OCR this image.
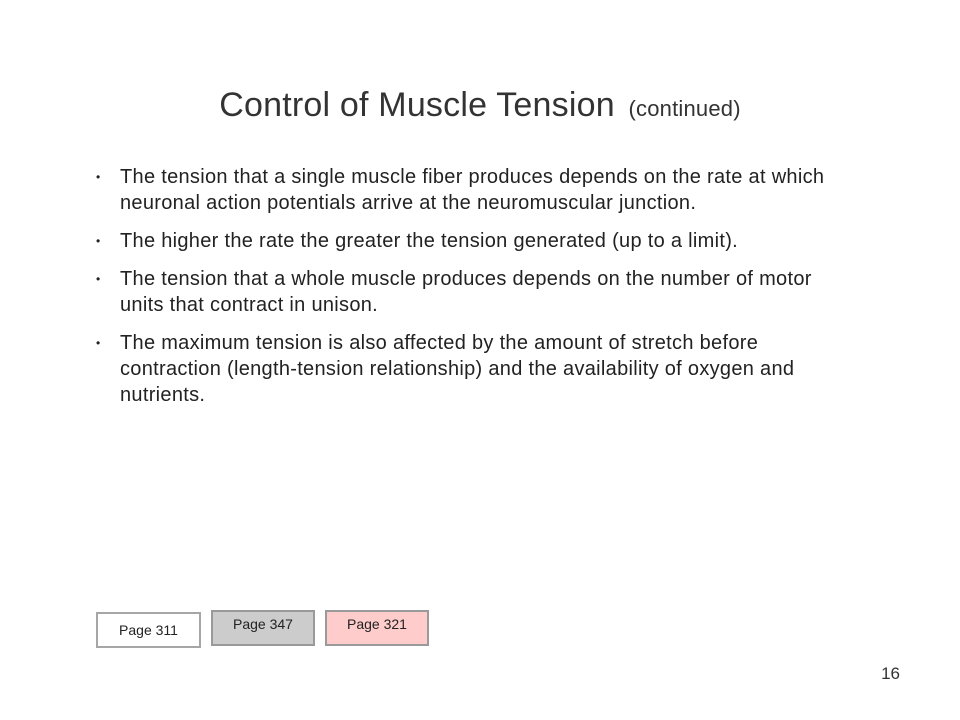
Control of Muscle Tension (continued)
• The tension that a single muscle fiber produces depends on the rate at which neuronal action potentials arrive at the neuromuscular junction.
• The higher the rate the greater the tension generated (up to a limit).
• The tension that a whole muscle produces depends on the number of motor units that contract in unison.
• The maximum tension is also affected by the amount of stretch before contraction (length-tension relationship) and the availability of oxygen and nutrients.
Page 311	Page 347	Page 321
16
